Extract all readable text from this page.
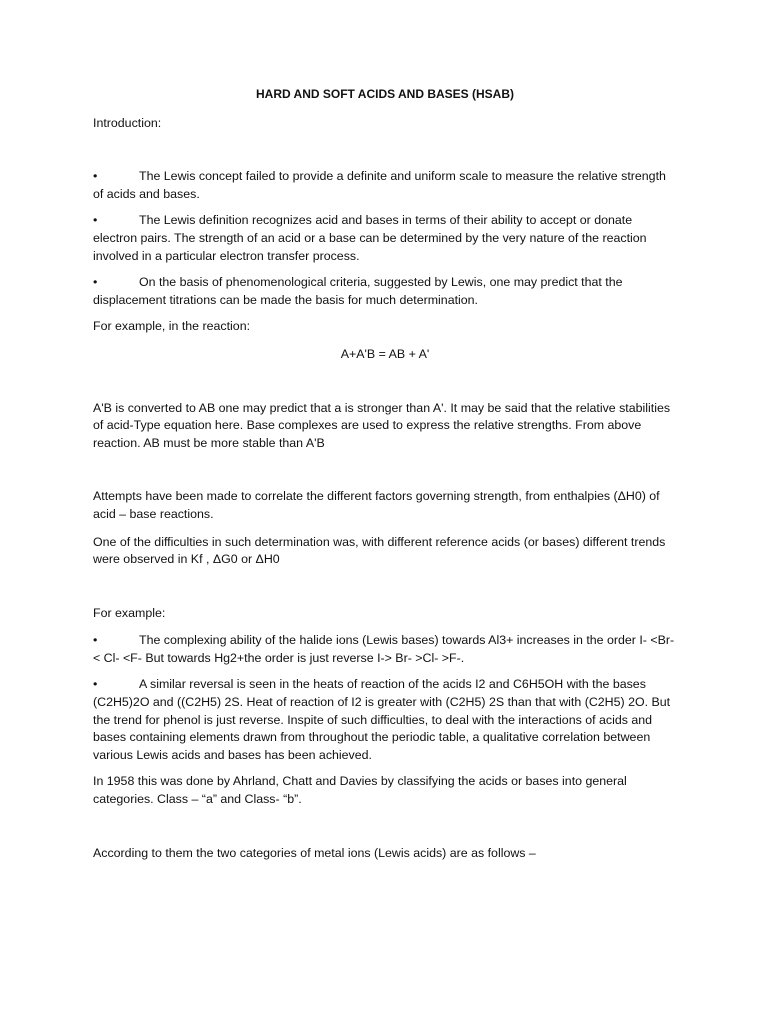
HARD AND SOFT ACIDS AND BASES (HSAB)

Introduction:

•	The Lewis concept failed to provide a definite and uniform scale to measure the relative strength of acids and bases.
•	The Lewis definition recognizes acid and bases in terms of their ability to accept or donate electron pairs. The strength of an acid or a base can be determined by the very nature of the reaction involved in a particular electron transfer process.
•	On the basis of phenomenological criteria, suggested by Lewis, one may predict that the displacement titrations can be made the basis for much determination.

For example, in the reaction:

A+A'B = AB + A'

A'B is converted to AB one may predict that a is stronger than A'. It may be said that the relative stabilities of acid-Type equation here. Base complexes are used to express the relative strengths. From above reaction. AB must be more stable than A'B

Attempts have been made to correlate the different factors governing strength, from enthalpies (ΔH0) of acid – base reactions.

One of the difficulties in such determination was, with different reference acids (or bases) different trends were observed in Kf , ΔG0 or ΔH0

For example:

•	The complexing ability of the halide ions (Lewis bases) towards Al3+ increases in the order I- <Br-< Cl- <F- But towards Hg2+the order is just reverse I-> Br- >Cl- >F-.
•	A similar reversal is seen in the heats of reaction of the acids I2 and C6H5OH with the bases (C2H5)2O and ((C2H5) 2S. Heat of reaction of I2 is greater with (C2H5) 2S than that with (C2H5) 2O. But the trend for phenol is just reverse. Inspite of such difficulties, to deal with the interactions of acids and bases containing elements drawn from throughout the periodic table, a qualitative correlation between various Lewis acids and bases has been achieved.

In 1958 this was done by Ahrland, Chatt and Davies by classifying the acids or bases into general categories. Class – “a” and Class- “b”.

According to them the two categories of metal ions (Lewis acids) are as follows –
